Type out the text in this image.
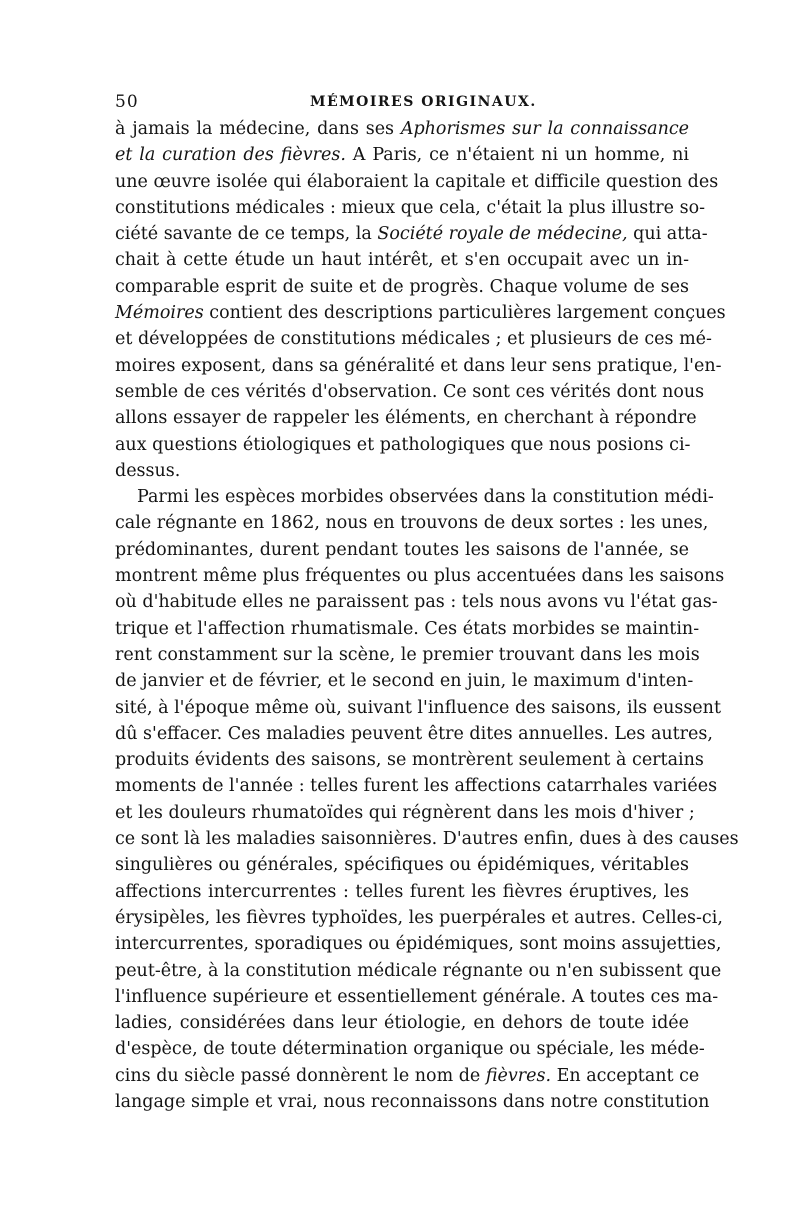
50	MÉMOIRES ORIGINAUX.
à jamais la médecine, dans ses Aphorismes sur la connaissance
et la curation des fièvres. A Paris, ce n'étaient ni un homme, ni
une œuvre isolée qui élaboraient la capitale et difficile question des
constitutions médicales : mieux que cela, c'était la plus illustre so-
ciété savante de ce temps, la Société royale de médecine, qui atta-
chait à cette étude un haut intérêt, et s'en occupait avec un in-
comparable esprit de suite et de progrès. Chaque volume de ses
Mémoires contient des descriptions particulières largement conçues
et développées de constitutions médicales ; et plusieurs de ces mé-
moires exposent, dans sa généralité et dans leur sens pratique, l'en-
semble de ces vérités d'observation. Ce sont ces vérités dont nous
allons essayer de rappeler les éléments, en cherchant à répondre
aux questions étiologiques et pathologiques que nous posions ci-
dessus.
Parmi les espèces morbides observées dans la constitution médi-
cale régnante en 1862, nous en trouvons de deux sortes : les unes,
prédominantes, durent pendant toutes les saisons de l'année, se
montrent même plus fréquentes ou plus accentuées dans les saisons
où d'habitude elles ne paraissent pas : tels nous avons vu l'état gas-
trique et l'affection rhumatismale. Ces états morbides se maintin-
rent constamment sur la scène, le premier trouvant dans les mois
de janvier et de février, et le second en juin, le maximum d'inten-
sité, à l'époque même où, suivant l'influence des saisons, ils eussent
dû s'effacer. Ces maladies peuvent être dites annuelles. Les autres,
produits évidents des saisons, se montrèrent seulement à certains
moments de l'année : telles furent les affections catarrhales variées
et les douleurs rhumatoïdes qui régnèrent dans les mois d'hiver ;
ce sont là les maladies saisonnières. D'autres enfin, dues à des causes
singulières ou générales, spécifiques ou épidémiques, véritables
affections intercurrentes : telles furent les fièvres éruptives, les
érysipèles, les fièvres typhoïdes, les puerpérales et autres. Celles-ci,
intercurrentes, sporadiques ou épidémiques, sont moins assujetties,
peut-être, à la constitution médicale régnante ou n'en subissent que
l'influence supérieure et essentiellement générale. A toutes ces ma-
ladies, considérées dans leur étiologie, en dehors de toute idée
d'espèce, de toute détermination organique ou spéciale, les méde-
cins du siècle passé donnèrent le nom de fièvres. En acceptant ce
langage simple et vrai, nous reconnaissons dans notre constitution
